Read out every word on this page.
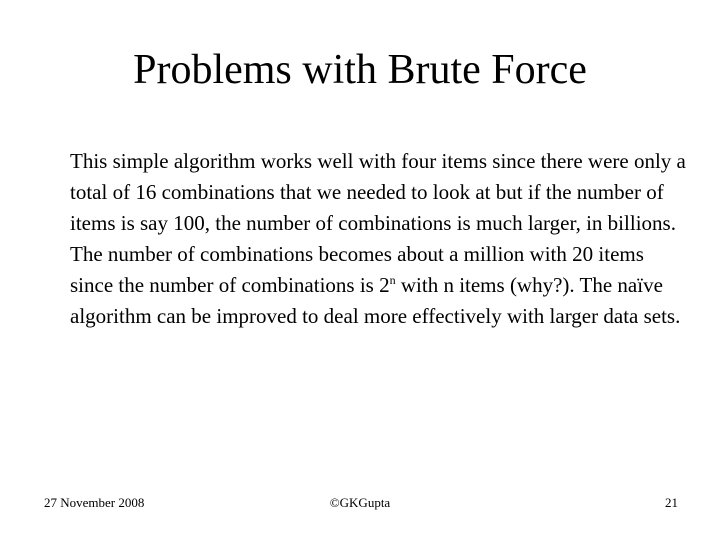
Problems with Brute Force

This simple algorithm works well with four items since there were only a total of 16 combinations that we needed to look at but if the number of items is say 100, the number of combinations is much larger, in billions.

The number of combinations becomes about a million with 20 items since the number of combinations is 2$^n$ with n items (why?). The naïve algorithm can be improved to deal more effectively with larger data sets.

27 November 2008	©GKGupta	21
